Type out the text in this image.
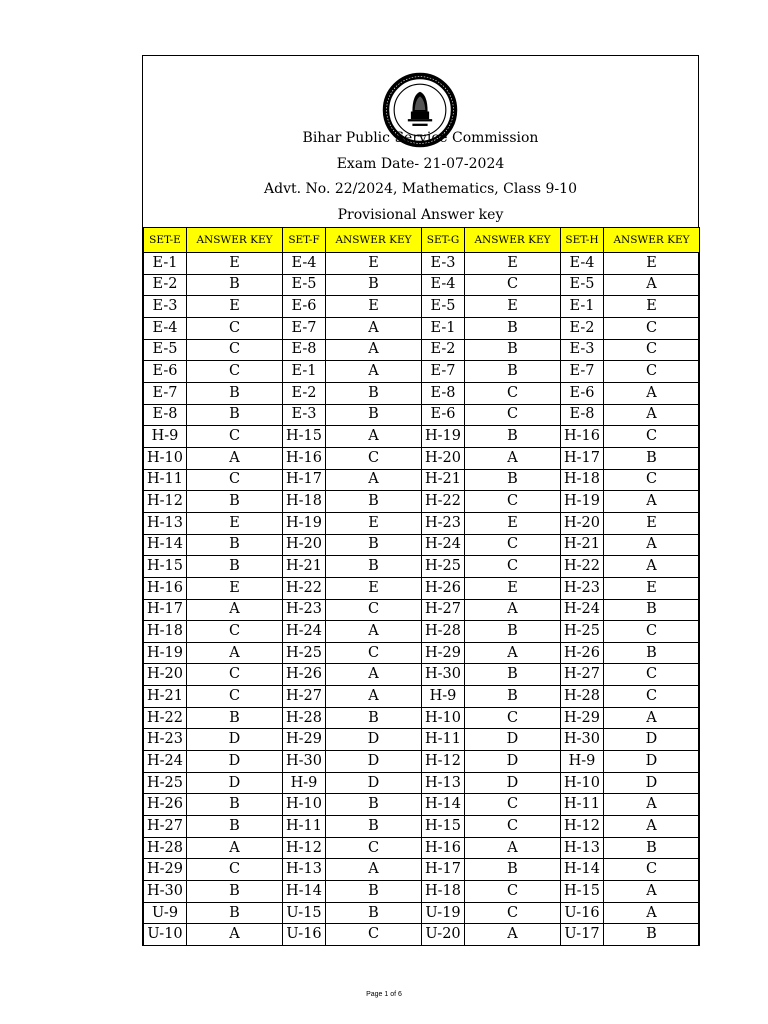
Bihar Public Service Commission
Exam Date- 21-07-2024
Advt. No. 22/2024, Mathematics, Class 9-10
Provisional Answer key
SET-E	ANSWER KEY	SET-F	ANSWER KEY	SET-G	ANSWER KEY	SET-H	ANSWER KEY
E-1	E	E-4	E	E-3	E	E-4	E
E-2	B	E-5	B	E-4	C	E-5	A
E-3	E	E-6	E	E-5	E	E-1	E
E-4	C	E-7	A	E-1	B	E-2	C
E-5	C	E-8	A	E-2	B	E-3	C
E-6	C	E-1	A	E-7	B	E-7	C
E-7	B	E-2	B	E-8	C	E-6	A
E-8	B	E-3	B	E-6	C	E-8	A
H-9	C	H-15	A	H-19	B	H-16	C
H-10	A	H-16	C	H-20	A	H-17	B
H-11	C	H-17	A	H-21	B	H-18	C
H-12	B	H-18	B	H-22	C	H-19	A
H-13	E	H-19	E	H-23	E	H-20	E
H-14	B	H-20	B	H-24	C	H-21	A
H-15	B	H-21	B	H-25	C	H-22	A
H-16	E	H-22	E	H-26	E	H-23	E
H-17	A	H-23	C	H-27	A	H-24	B
H-18	C	H-24	A	H-28	B	H-25	C
H-19	A	H-25	C	H-29	A	H-26	B
H-20	C	H-26	A	H-30	B	H-27	C
H-21	C	H-27	A	H-9	B	H-28	C
H-22	B	H-28	B	H-10	C	H-29	A
H-23	D	H-29	D	H-11	D	H-30	D
H-24	D	H-30	D	H-12	D	H-9	D
H-25	D	H-9	D	H-13	D	H-10	D
H-26	B	H-10	B	H-14	C	H-11	A
H-27	B	H-11	B	H-15	C	H-12	A
H-28	A	H-12	C	H-16	A	H-13	B
H-29	C	H-13	A	H-17	B	H-14	C
H-30	B	H-14	B	H-18	C	H-15	A
U-9	B	U-15	B	U-19	C	U-16	A
U-10	A	U-16	C	U-20	A	U-17	B
Page 1 of 6
